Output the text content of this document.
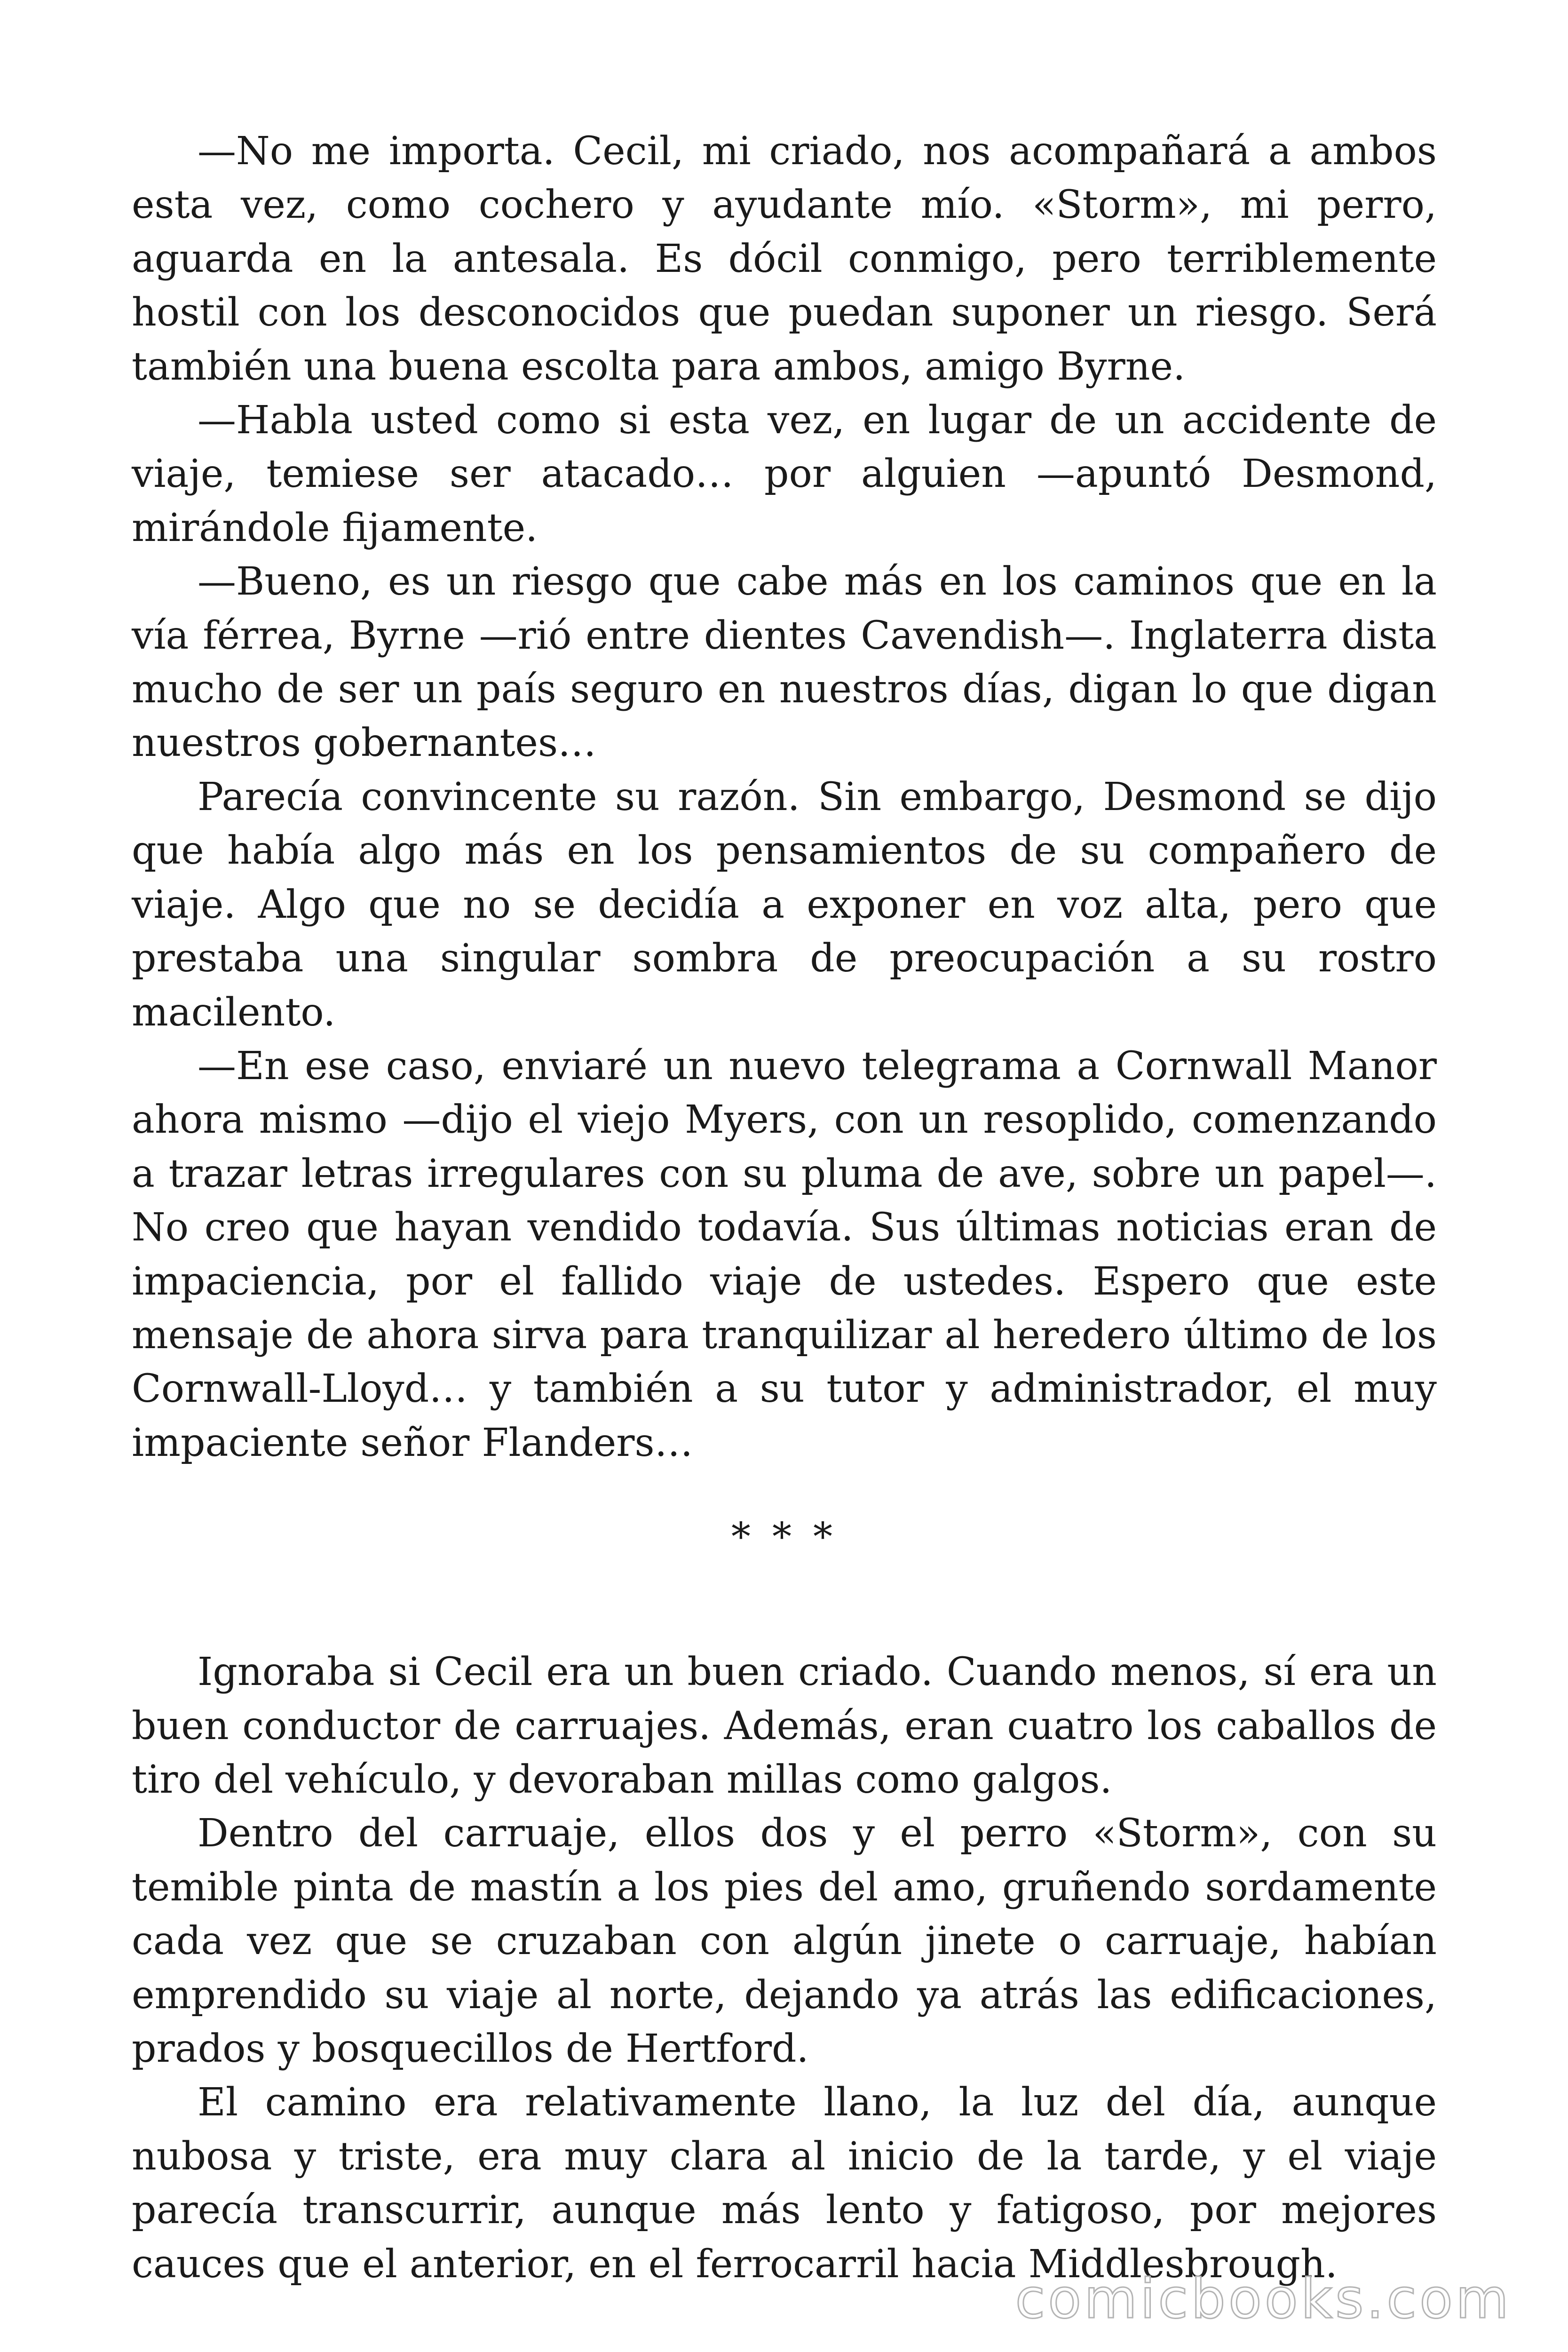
—No me importa. Cecil, mi criado, nos acompañará a ambos esta vez, como cochero y ayudante mío. «Storm», mi perro, aguarda en la antesala. Es dócil conmigo, pero terriblemente hostil con los desconocidos que puedan suponer un riesgo. Será también una buena escolta para ambos, amigo Byrne.

—Habla usted como si esta vez, en lugar de un accidente de viaje, temiese ser atacado… por alguien —apuntó Desmond, mirándole fijamente.

—Bueno, es un riesgo que cabe más en los caminos que en la vía férrea, Byrne —rió entre dientes Cavendish—. Inglaterra dista mucho de ser un país seguro en nuestros días, digan lo que digan nuestros gobernantes…

Parecía convincente su razón. Sin embargo, Desmond se dijo que había algo más en los pensamientos de su compañero de viaje. Algo que no se decidía a exponer en voz alta, pero que prestaba una singular sombra de preocupación a su rostro macilento.

—En ese caso, enviaré un nuevo telegrama a Cornwall Manor ahora mismo —dijo el viejo Myers, con un resoplido, comenzando a trazar letras irregulares con su pluma de ave, sobre un papel—. No creo que hayan vendido todavía. Sus últimas noticias eran de impaciencia, por el fallido viaje de ustedes. Espero que este mensaje de ahora sirva para tranquilizar al heredero último de los Cornwall-Lloyd… y también a su tutor y administrador, el muy impaciente señor Flanders…

* * *

Ignoraba si Cecil era un buen criado. Cuando menos, sí era un buen conductor de carruajes. Además, eran cuatro los caballos de tiro del vehículo, y devoraban millas como galgos.

Dentro del carruaje, ellos dos y el perro «Storm», con su temible pinta de mastín a los pies del amo, gruñendo sordamente cada vez que se cruzaban con algún jinete o carruaje, habían emprendido su viaje al norte, dejando ya atrás las edificaciones, prados y bosquecillos de Hertford.

El camino era relativamente llano, la luz del día, aunque nubosa y triste, era muy clara al inicio de la tarde, y el viaje parecía transcurrir, aunque más lento y fatigoso, por mejores cauces que el anterior, en el ferrocarril hacia Middlesbrough.

comicbooks.com
